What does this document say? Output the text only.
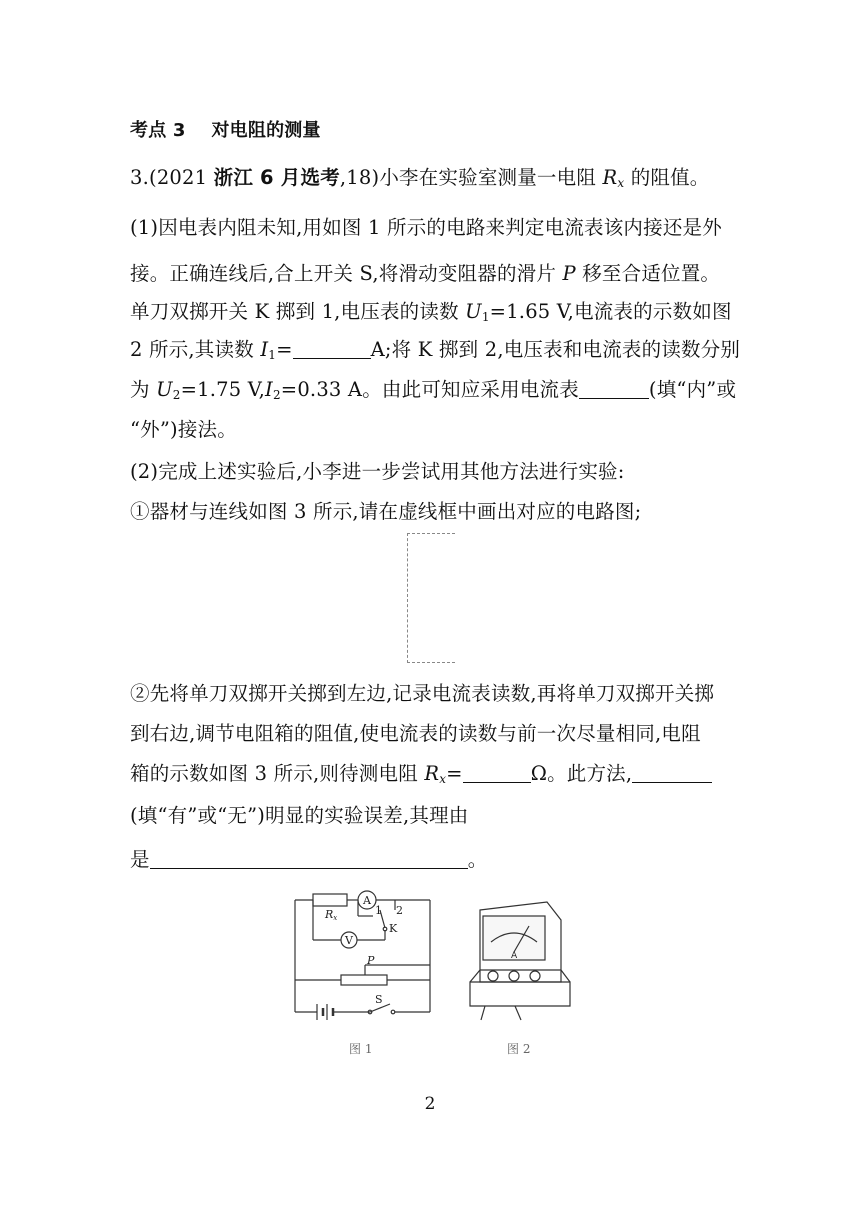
考点 3 对电阻的测量
3.(2021 浙江 6 月选考,18)小李在实验室测量一电阻 $R_x$ 的阻值。
(1)因电表内阻未知,用如图 1 所示的电路来判定电流表该内接还是外
接。正确连线后,合上开关 S,将滑动变阻器的滑片 P 移至合适位置。
单刀双掷开关 K 掷到 1,电压表的读数 $U_1=1.65$ V,电流表的示数如图
2 所示,其读数 $I_1=$	A;将 K 掷到 2,电压表和电流表的读数分别
为 $U_2=1.75$ $V,I_2=0.33$ A。由此可知应采用电流表	(填“内”或
“外”)接法。
(2)完成上述实验后,小李进一步尝试用其他方法进行实验:
①器材与连线如图 3 所示,请在虚线框中画出对应的电路图;
②先将单刀双掷开关掷到左边,记录电流表读数,再将单刀双掷开关掷
到右边,调节电阻箱的阻值,使电流表的读数与前一次尽量相同,电阻
箱的示数如图 3 所示,则待测电阻 $R_x=$	Ω。此方法,
(填“有”或“无”)明显的实验误差,其理由
是	。
Rx
A
V
1 2
K
P
S
A
图 1	图 2
2
